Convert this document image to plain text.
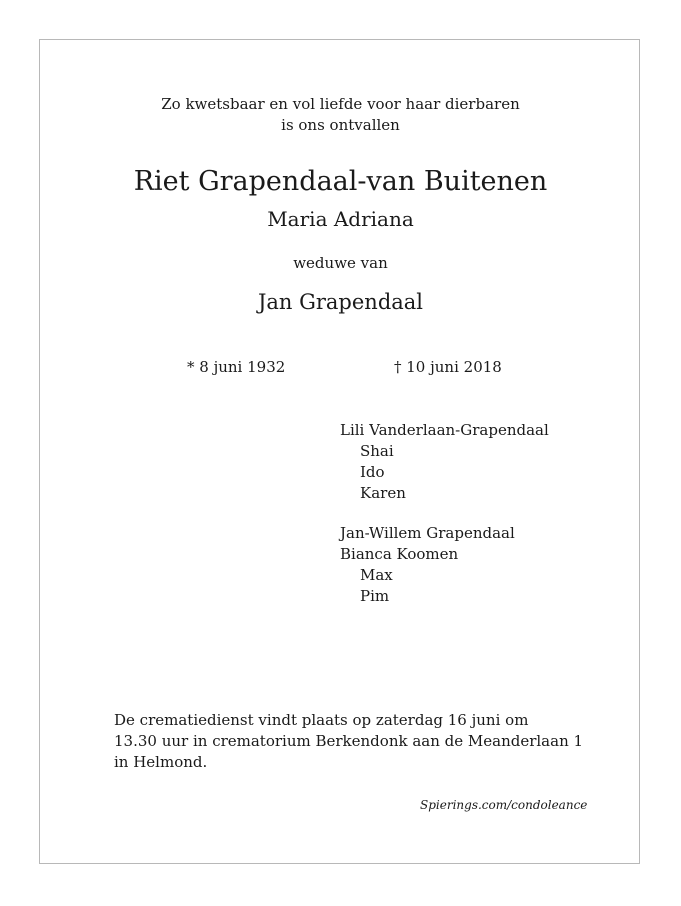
Zo kwetsbaar en vol liefde voor haar dierbaren
is ons ontvallen
Riet Grapendaal-van Buitenen
Maria Adriana
weduwe van
Jan Grapendaal
* 8 juni 1932	† 10 juni 2018
Lili Vanderlaan-Grapendaal
Shai
Ido
Karen
Jan-Willem Grapendaal
Bianca Koomen
Max
Pim
De crematiedienst vindt plaats op zaterdag 16 juni om
13.30 uur in crematorium Berkendonk aan de Meanderlaan 1
in Helmond.
Spierings.com/condoleance
